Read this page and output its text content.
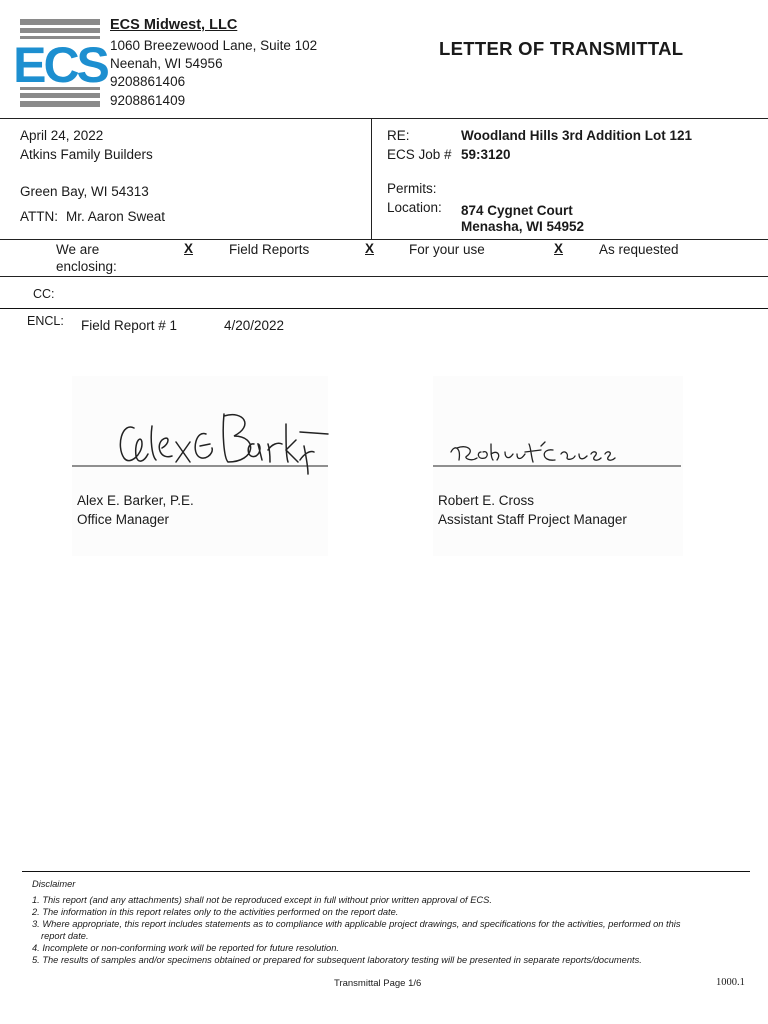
ECS
ECS Midwest, LLC
1060 Breezewood Lane, Suite 102
Neenah, WI 54956
9208861406
9208861409
LETTER OF TRANSMITTAL
April 24, 2022
Atkins Family Builders
Green Bay, WI 54313
ATTN: Mr. Aaron Sweat
RE:	Woodland Hills 3rd Addition Lot 121
ECS Job # 59:3120
Permits:
Location: 874 Cygnet Court
Menasha, WI 54952
We are
enclosing:
X	Field Reports	X	For your use	X	As requested
CC:
ENCL: Field Report # 1	4/20/2022
Alex E. Barker, P.E.
Office Manager
Robert E. Cross
Assistant Staff Project Manager
Disclaimer
1. This report (and any attachments) shall not be reproduced except in full without prior written approval of ECS.
2. The information in this report relates only to the activities performed on the report date.
3. Where appropriate, this report includes statements as to compliance with applicable project drawings, and specifications for the activities, performed on this
report date.
4. Incomplete or non-conforming work will be reported for future resolution.
5. The results of samples and/or specimens obtained or prepared for subsequent laboratory testing will be presented in separate reports/documents.
Transmittal Page 1/6	1000.1
